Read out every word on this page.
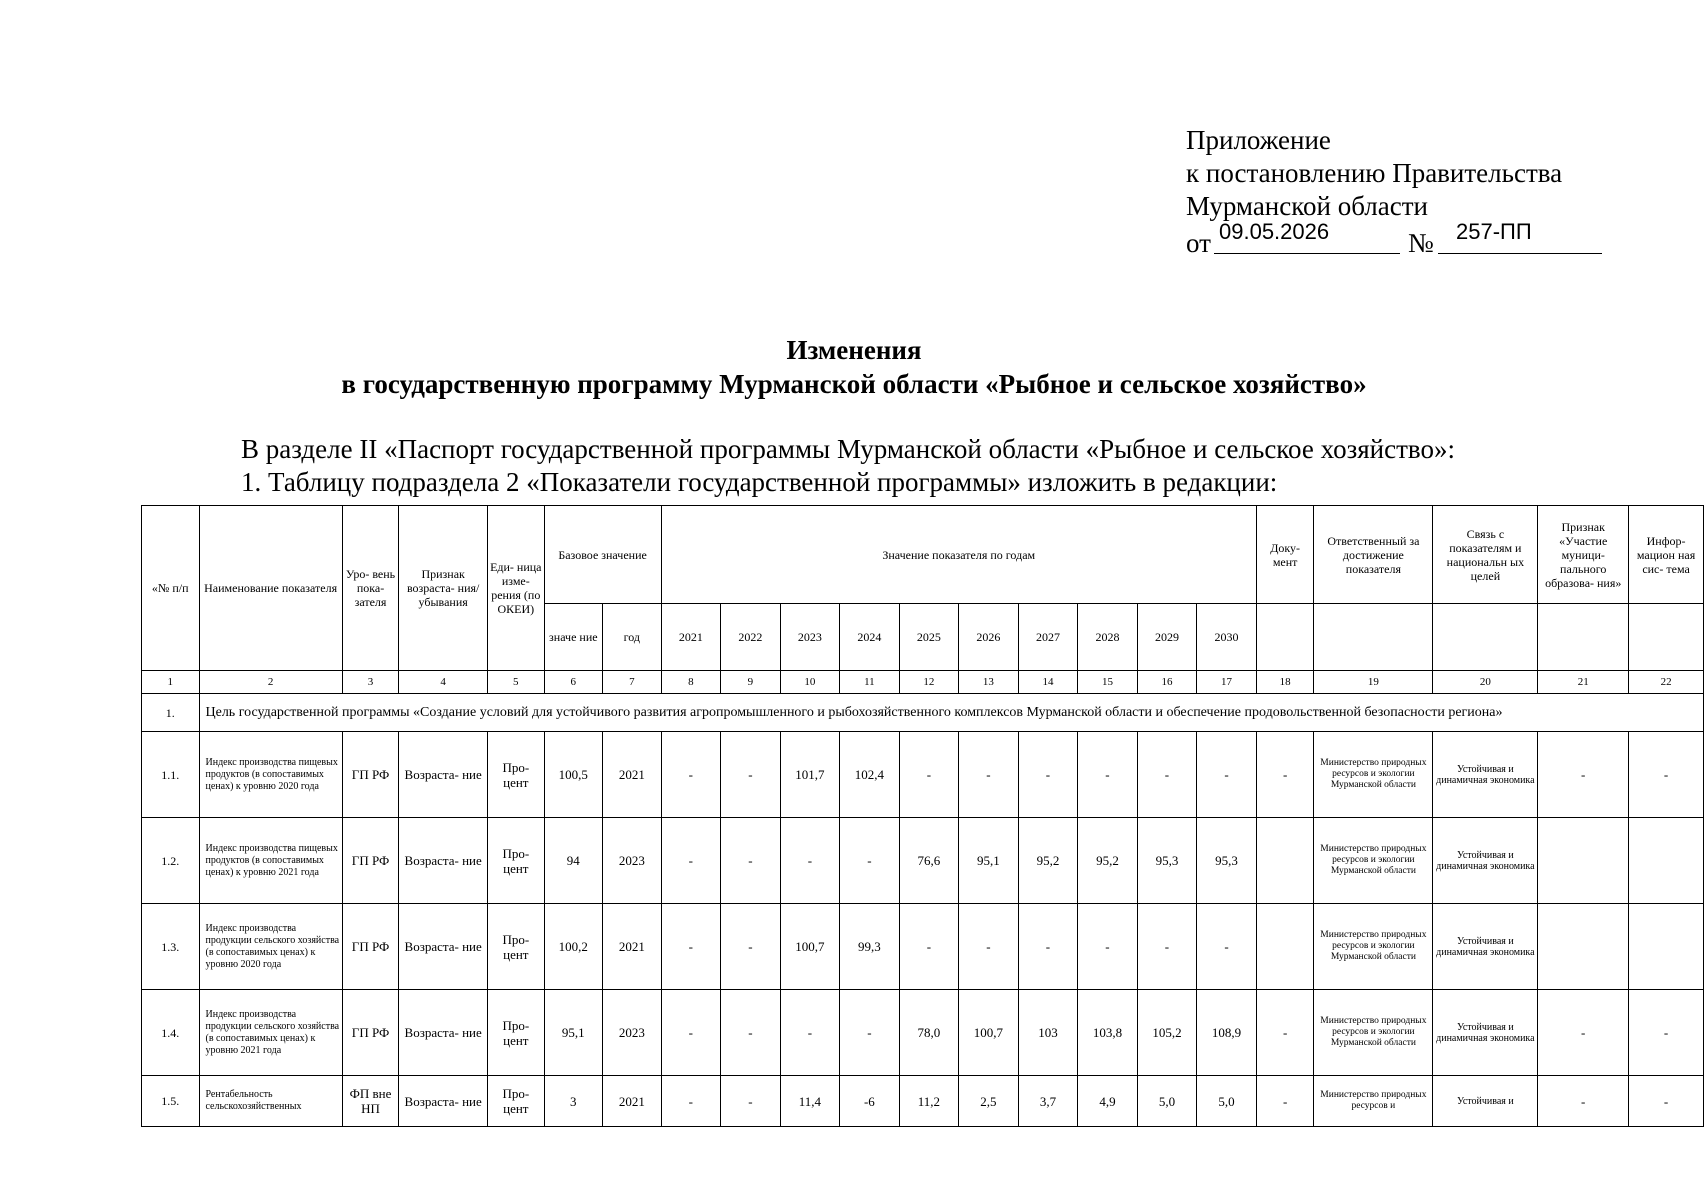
Приложение
к постановлению Правительства
Мурманской области
от 09.05.2026	№ 257-ПП
Изменения
в государственную программу Мурманской области «Рыбное и сельское хозяйство»
В разделе II «Паспорт государственной программы Мурманской области «Рыбное и сельское хозяйство»:
1. Таблицу подраздела 2 «Показатели государственной программы» изложить в редакции:
«№ п/п	Наименование показателя	Уро- вень пока- зателя	Признак возраста- ния/ убывания	Еди- ница изме- рения (по ОКЕИ)	Базовое значение		Значение показателя по годам										Доку- мент	Ответственный за достижение показателя	Связь с показателям и национальн ых целей	Признак «Участие муници- пального образова- ния»	Инфор- мацион ная сис- тема
					значе ние	год	2021	2022	2023	2024	2025	2026	2027	2028	2029	2030					
1	2	3	4	5	6	7	8	9	10	11	12	13	14	15	16	17	18	19	20	21	22
1.	Цель государственной программы «Создание условий для устойчивого развития агропромышленного и рыбохозяйственного комплексов Мурманской области и обеспечение продовольственной безопасности региона»																				
1.1.	Индекс производства пищевых продуктов (в сопоставимых ценах) к уровню 2020 года	ГП РФ	Возраста- ние	Про- цент	100,5	2021	-	-	101,7	102,4	-	-	-	-	-	-	-	Министерство природных ресурсов и экологии Мурманской области	Устойчивая и динамичная экономика	-	-
1.2.	Индекс производства пищевых продуктов (в сопоставимых ценах) к уровню 2021 года	ГП РФ	Возраста- ние	Про- цент	94	2023	-	-	-	-	76,6	95,1	95,2	95,2	95,3	95,3		Министерство природных ресурсов и экологии Мурманской области	Устойчивая и динамичная экономика		
1.3.	Индекс производства продукции сельского хозяйства (в сопоставимых ценах) к уровню 2020 года	ГП РФ	Возраста- ние	Про- цент	100,2	2021	-	-	100,7	99,3	-	-	-	-	-	-		Министерство природных ресурсов и экологии Мурманской области	Устойчивая и динамичная экономика		
1.4.	Индекс производства продукции сельского хозяйства (в сопоставимых ценах) к уровню 2021 года	ГП РФ	Возраста- ние	Про- цент	95,1	2023	-	-	-	-	78,0	100,7	103	103,8	105,2	108,9	-	Министерство природных ресурсов и экологии Мурманской области	Устойчивая и динамичная экономика	-	-
1.5.	Рентабельность сельскохозяйственных	ФП вне НП	Возраста- ние	Про- цент	3	2021	-	-	11,4	-6	11,2	2,5	3,7	4,9	5,0	5,0	-	Министерство природных ресурсов и	Устойчивая и	-	-
